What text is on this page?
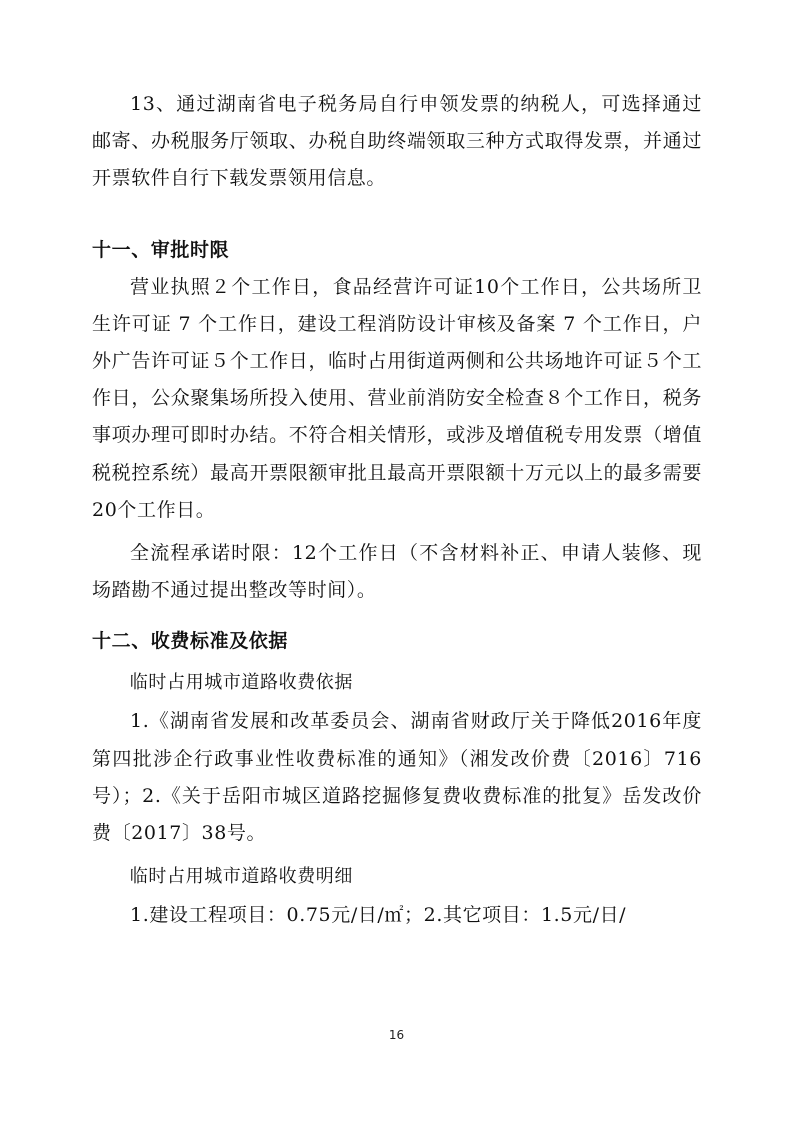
13、通过湖南省电子税务局自行申领发票的纳税人，可选择通过邮寄、办税服务厅领取、办税自助终端领取三种方式取得发票，并通过开票软件自行下载发票领用信息。

十一、审批时限

营业执照２个工作日，食品经营许可证10个工作日，公共场所卫生许可证 7 个工作日，建设工程消防设计审核及备案 7 个工作日，户外广告许可证５个工作日，临时占用街道两侧和公共场地许可证５个工作日，公众聚集场所投入使用、营业前消防安全检查８个工作日，税务事项办理可即时办结。不符合相关情形，或涉及增值税专用发票（增值税税控系统）最高开票限额审批且最高开票限额十万元以上的最多需要20个工作日。

全流程承诺时限：12个工作日（不含材料补正、申请人装修、现场踏勘不通过提出整改等时间）。

十二、收费标准及依据

临时占用城市道路收费依据

1.《湖南省发展和改革委员会、湖南省财政厅关于降低2016年度第四批涉企行政事业性收费标准的通知》（湘发改价费〔2016〕716号）；2.《关于岳阳市城区道路挖掘修复费收费标准的批复》岳发改价费〔2017〕38号。

临时占用城市道路收费明细

1.建设工程项目：0.75元/日/㎡；2.其它项目：1.5元/日/

16
